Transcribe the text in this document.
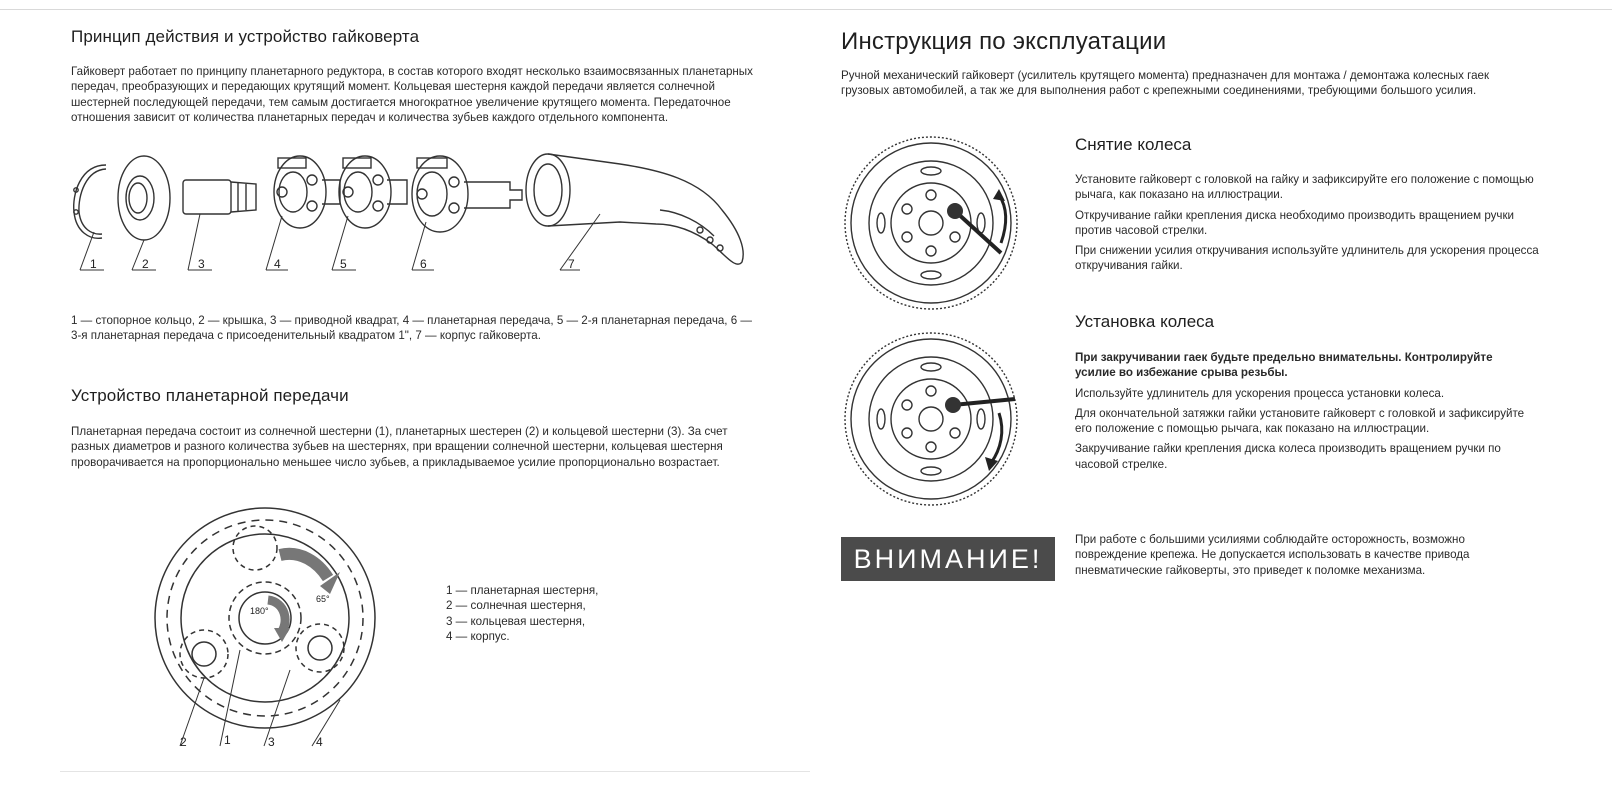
Принцип действия и устройство гайковерта
Гайковерт работает по принципу планетарного редуктора, в состав которого входят несколько взаимосвязанных планетарных передач, преобразующих и передающих крутящий момент. Кольцевая шестерня каждой передачи является солнечной шестерней последующей передачи, тем самым достигается многократное увеличение крутящего момента. Передаточное отношения зависит от количества планетарных передач и количества зубьев каждого отдельного компонента.
1	2	3	4	5	6	7
1 — стопорное кольцо, 2 — крышка, 3 — приводной квадрат, 4 — планетарная передача, 5 — 2-я планетарная передача, 6 — 3-я планетарная передача с присоеденительный квадратом 1", 7 — корпус гайковерта.
Устройство планетарной передачи
Планетарная передача состоит из солнечной шестерни (1), планетарных шестерен (2) и кольцевой шестерни (3). За счет разных диаметров и разного количества зубьев на шестернях, при вращении солнечной шестерни, кольцевая шестерня проворачивается на пропорционально меньшее число зубьев, а прикладываемое усилие пропорционально возрастает.
180°
65°
2	1	3	4
1 — планетарная шестерня,
2 — солнечная шестерня,
3 — кольцевая шестерня,
4 — корпус.
Инструкция по эксплуатации
Ручной механический гайковерт (усилитель крутящего момента) предназначен для монтажа / демонтажа колесных гаек грузовых автомобилей, а так же для выполнения работ с крепежными соединениями, требующими большого усилия.
Снятие колеса

Установите гайковерт с головкой на гайку и зафиксируйте его положение с помощью рычага, как показано на иллюстрации.

Откручивание гайки крепления диска необходимо производить вращением ручки против часовой стрелки.

При снижении усилия откручивания используйте удлинитель для ускорения процесса откручивания гайки.

Установка колеса

При закручивании гаек будьте предельно внимательны. Контролируйте усилие во избежание срыва резьбы.

Используйте удлинитель для ускорения процесса установки колеса.

Для окончательной затяжки гайки установите гайковерт с головкой и зафиксируйте его положение с помощью рычага, как показано на иллюстрации.

Закручивание гайки крепления диска колеса производить вращением ручки по часовой стрелке.

ВНИМАНИЕ!
При работе с большими усилиями соблюдайте осторожность, возможно повреждение крепежа. Не допускается использовать в качестве привода пневматические гайковерты, это приведет к поломке механизма.
